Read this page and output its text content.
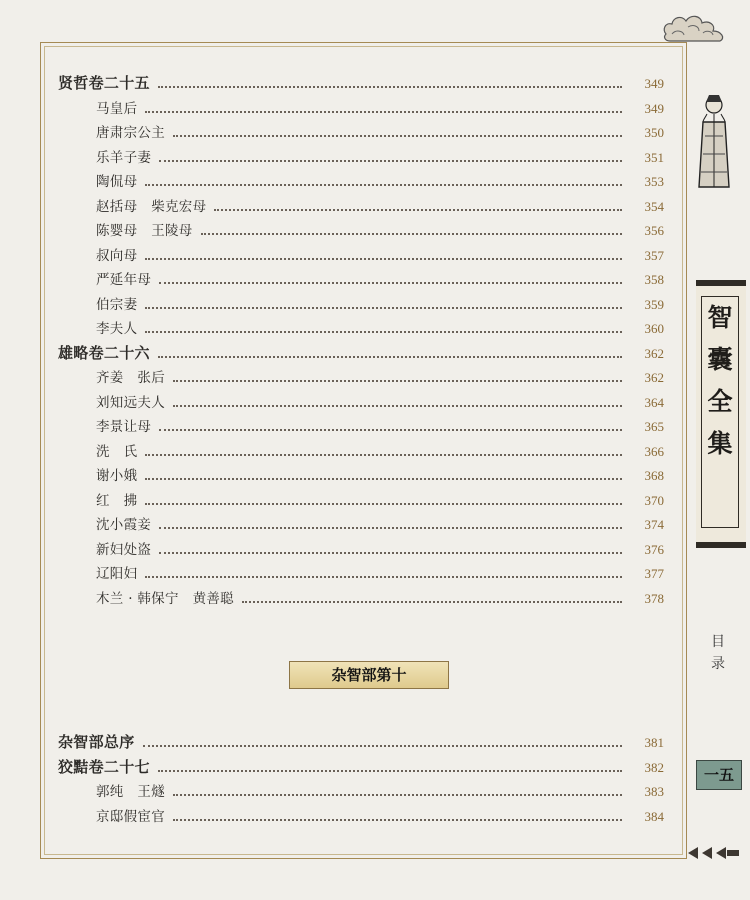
贤哲卷二十五	349
马皇后	349
唐肃宗公主	350
乐羊子妻	351
陶侃母	353
赵括母　柴克宏母	354
陈婴母　王陵母	356
叔向母	357
严延年母	358
伯宗妻	359
李夫人	360
雄略卷二十六	362
齐姜　张后	362
刘知远夫人	364
李景让母	365
洗　氏	366
谢小娥	368
红　拂	370
沈小霞妾	374
新妇处盗	376
辽阳妇	377
木兰 · 韩保宁　黄善聪	378
杂智部第十
杂智部总序	381
狡黠卷二十七	382
郭纯　王燧	383
京邸假宦官	384
智
囊
全
集
目
录
一五
